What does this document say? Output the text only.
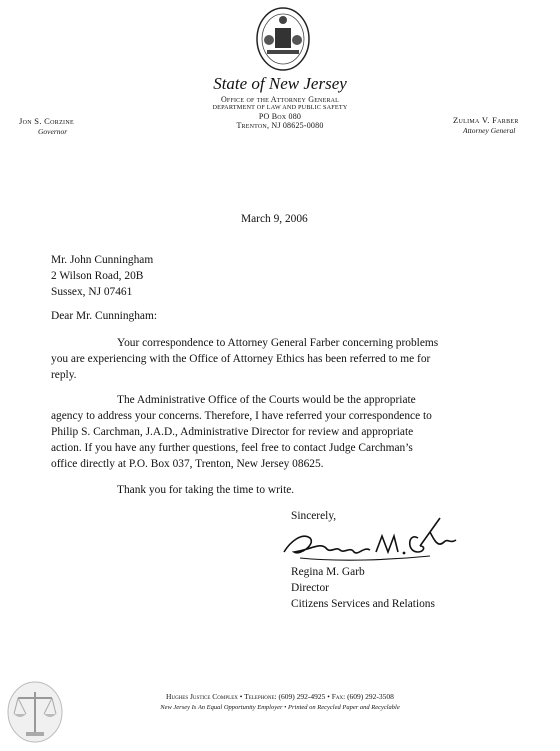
State of New Jersey
Office of the Attorney General
DEPARTMENT OF LAW AND PUBLIC SAFETY
PO Box 080
Trenton, NJ 08625-0080
Jon S. Corzine
Governor
Zulima V. Farber
Attorney General
March 9, 2006
Mr. John Cunningham
2 Wilson Road, 20B
Sussex, NJ 07461
Dear Mr. Cunningham:
Your correspondence to Attorney General Farber concerning problems
you are experiencing with the Office of Attorney Ethics has been referred to me for
reply.
The Administrative Office of the Courts would be the appropriate
agency to address your concerns. Therefore, I have referred your correspondence to
Philip S. Carchman, J.A.D., Administrative Director for review and appropriate
action. If you have any further questions, feel free to contact Judge Carchman’s
office directly at P.O. Box 037, Trenton, New Jersey 08625.
Thank you for taking the time to write.
Sincerely,
Regina M. Garb
Director
Citizens Services and Relations
Hughes Justice Complex • Telephone: (609) 292-4925 • Fax: (609) 292-3508
New Jersey Is An Equal Opportunity Employer • Printed on Recycled Paper and Recyclable
